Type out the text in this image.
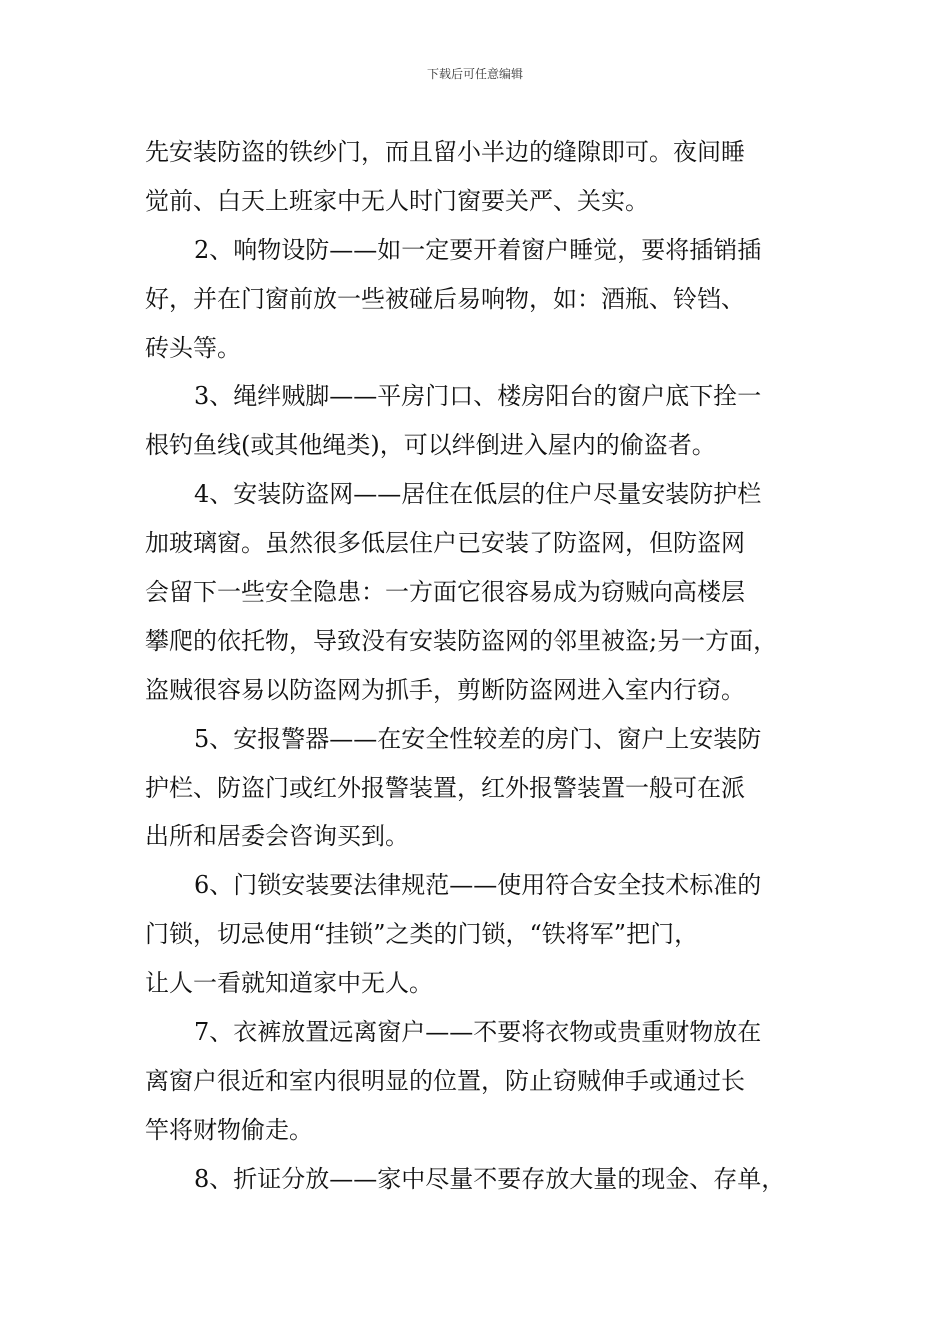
下载后可任意编辑
先安装防盗的铁纱门，而且留小半边的缝隙即可。夜间睡
觉前、白天上班家中无人时门窗要关严、关实。
2、响物设防——如一定要开着窗户睡觉，要将插销插
好，并在门窗前放一些被碰后易响物，如：酒瓶、铃铛、
砖头等。
3、绳绊贼脚——平房门口、楼房阳台的窗户底下拴一
根钓鱼线(或其他绳类)，可以绊倒进入屋内的偷盗者。
4、安装防盗网——居住在低层的住户尽量安装防护栏
加玻璃窗。虽然很多低层住户已安装了防盗网，但防盗网
会留下一些安全隐患：一方面它很容易成为窃贼向高楼层
攀爬的依托物，导致没有安装防盗网的邻里被盗;另一方面，
盗贼很容易以防盗网为抓手，剪断防盗网进入室内行窃。
5、安报警器——在安全性较差的房门、窗户上安装防
护栏、防盗门或红外报警装置，红外报警装置一般可在派
出所和居委会咨询买到。
6、门锁安装要法律规范——使用符合安全技术标准的
门锁，切忌使用“挂锁”之类的门锁，“铁将军”把门，
让人一看就知道家中无人。
7、衣裤放置远离窗户——不要将衣物或贵重财物放在
离窗户很近和室内很明显的位置，防止窃贼伸手或通过长
竿将财物偷走。
8、折证分放——家中尽量不要存放大量的现金、存单，
